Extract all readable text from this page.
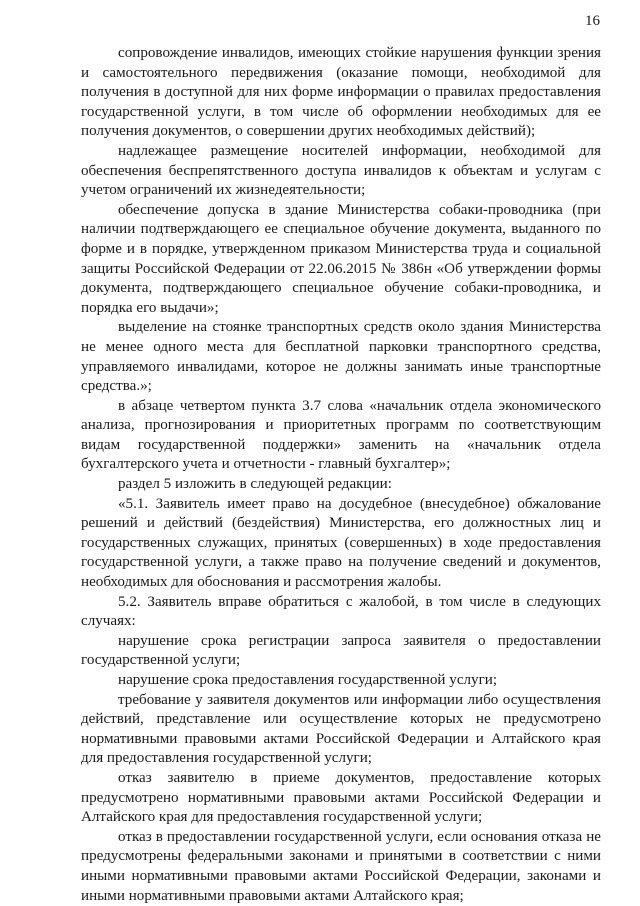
16

сопровождение инвалидов, имеющих стойкие нарушения функции зрения и самостоятельного передвижения (оказание помощи, необходимой для получения в доступной для них форме информации о правилах предоставления государственной услуги, в том числе об оформлении необходимых для ее получения документов, о совершении других необходимых действий);

надлежащее размещение носителей информации, необходимой для обеспечения беспрепятственного доступа инвалидов к объектам и услугам с учетом ограничений их жизнедеятельности;

обеспечение допуска в здание Министерства собаки-проводника (при наличии подтверждающего ее специальное обучение документа, выданного по форме и в порядке, утвержденном приказом Министерства труда и социальной защиты Российской Федерации от 22.06.2015 № 386н «Об утверждении формы документа, подтверждающего специальное обучение собаки-проводника, и порядка его выдачи»;

выделение на стоянке транспортных средств около здания Министерства не менее одного места для бесплатной парковки транспортного средства, управляемого инвалидами, которое не должны занимать иные транспортные средства.»;

в абзаце четвертом пункта 3.7 слова «начальник отдела экономического анализа, прогнозирования и приоритетных программ по соответствующим видам государственной поддержки» заменить на «начальник отдела бухгалтерского учета и отчетности - главный бухгалтер»;

раздел 5 изложить в следующей редакции:

«5.1. Заявитель имеет право на досудебное (внесудебное) обжалование решений и действий (бездействия) Министерства, его должностных лиц и государственных служащих, принятых (совершенных) в ходе предоставления государственной услуги, а также право на получение сведений и документов, необходимых для обоснования и рассмотрения жалобы.

5.2. Заявитель вправе обратиться с жалобой, в том числе в следующих случаях:

нарушение срока регистрации запроса заявителя о предоставлении государственной услуги;

нарушение срока предоставления государственной услуги;

требование у заявителя документов или информации либо осуществления действий, представление или осуществление которых не предусмотрено нормативными правовыми актами Российской Федерации и Алтайского края для предоставления государственной услуги;

отказ заявителю в приеме документов, предоставление которых предусмотрено нормативными правовыми актами Российской Федерации и Алтайского края для предоставления государственной услуги;

отказ в предоставлении государственной услуги, если основания отказа не предусмотрены федеральными законами и принятыми в соответствии с ними иными нормативными правовыми актами Российской Федерации, законами и иными нормативными правовыми актами Алтайского края;
